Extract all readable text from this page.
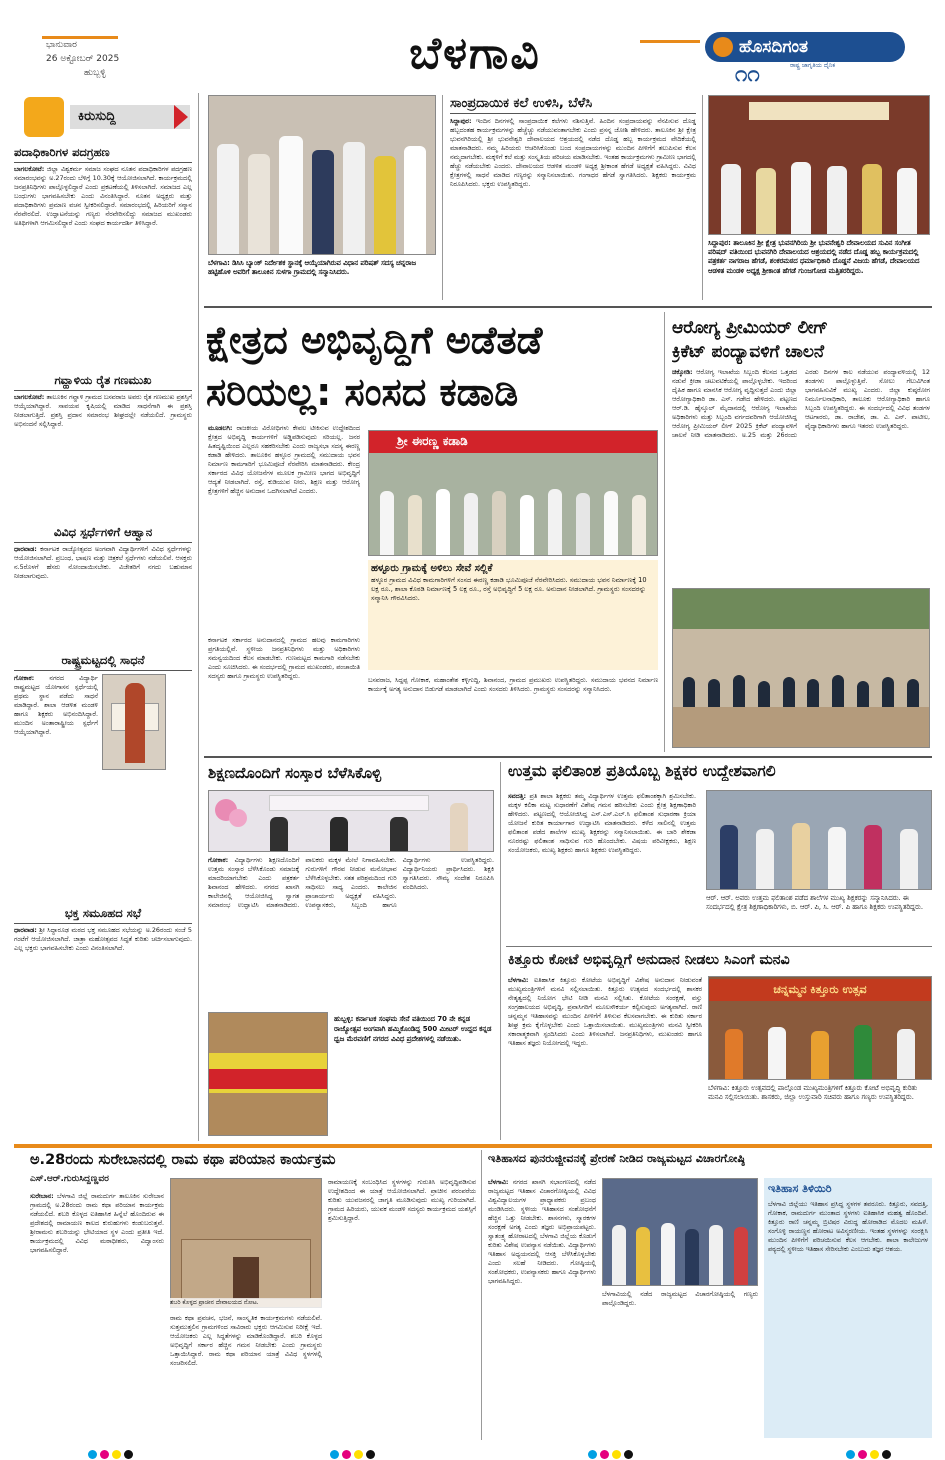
ಭಾನುವಾರ
26 ಅಕ್ಟೋಬರ್ 2025
ಹುಬ್ಬಳ್ಳಿ	ಬೆಳಗಾವಿ	ಹೊಸದಿಗಂತ
ರಾಷ್ಟ್ರ ಜಾಗೃತಿಯ ದೈನಿಕ
೧೧
ಕಿರುಸುದ್ದಿ
ಪದಾಧಿಕಾರಿಗಳ ಪದಗ್ರಹಣ
ಬಾಗಲಕೋಟೆ: ಜಿಲ್ಲಾ ವಿಶ್ವಕರ್ಮ ಸಮಾಜ ಸಂಘದ ನೂತನ ಪದಾಧಿಕಾರಿಗಳ ಪದಗ್ರಹಣ ಸಮಾರಂಭವನ್ನು ಅ.27ರಂದು ಬೆಳಿಗ್ಗೆ 10.30ಕ್ಕೆ ಆಯೋಜಿಸಲಾಗಿದೆ. ಕಾರ್ಯಕ್ರಮದಲ್ಲಿ ಜನಪ್ರತಿನಿಧಿಗಳು ಪಾಲ್ಗೊಳ್ಳಲಿದ್ದಾರೆ ಎಂದು ಪ್ರಕಟಣೆಯಲ್ಲಿ ತಿಳಿಸಲಾಗಿದೆ. ಸಮಾಜದ ಎಲ್ಲ ಬಂಧುಗಳು ಭಾಗವಹಿಸಬೇಕು ಎಂದು ವಿನಂತಿಸಿದ್ದಾರೆ. ನೂತನ ಅಧ್ಯಕ್ಷರು ಮತ್ತು ಪದಾಧಿಕಾರಿಗಳು ಪ್ರಮಾಣ ವಚನ ಸ್ವೀಕರಿಸಲಿದ್ದಾರೆ. ಸಮಾರಂಭದಲ್ಲಿ ಹಿರಿಯರಿಗೆ ಸನ್ಮಾನ ನೆರವೇರಲಿದೆ. ಉದ್ಘಾಟನೆಯನ್ನು ಗಣ್ಯರು ನೆರವೇರಿಸಲಿದ್ದು ಸಮಾಜದ ಮುಖಂಡರು ಅತಿಥಿಗಳಾಗಿ ಆಗಮಿಸಲಿದ್ದಾರೆ ಎಂದು ಸಂಘದ ಕಾರ್ಯದರ್ಶಿ ತಿಳಿಸಿದ್ದಾರೆ.
ಗವ್ಹಾಳಿಯ ರೈತ ಗಣಮುಖ
ಬಾಗಲಕೋಟೆ: ತಾಲೂಕಿನ ಗವ್ಹಾಳಿ ಗ್ರಾಮದ ಬಸವರಾಜ ಅವರು ರೈತ ಗಣಮುಖ ಪ್ರಶಸ್ತಿಗೆ ಆಯ್ಕೆಯಾಗಿದ್ದಾರೆ. ಸಾವಯವ ಕೃಷಿಯಲ್ಲಿ ಮಾಡಿದ ಸಾಧನೆಗಾಗಿ ಈ ಪ್ರಶಸ್ತಿ ನೀಡಲಾಗುತ್ತಿದೆ. ಪ್ರಶಸ್ತಿ ಪ್ರದಾನ ಸಮಾರಂಭ ಶೀಘ್ರದಲ್ಲೇ ನಡೆಯಲಿದೆ. ಗ್ರಾಮಸ್ಥರು ಅಭಿನಂದನೆ ಸಲ್ಲಿಸಿದ್ದಾರೆ.
ವಿವಿಧ ಸ್ಪರ್ಧೆಗಳಿಗೆ ಆಹ್ವಾನ
ಧಾರವಾಡ: ಕರ್ನಾಟಕ ರಾಜ್ಯೋತ್ಸವದ ಅಂಗವಾಗಿ ವಿದ್ಯಾರ್ಥಿಗಳಿಗೆ ವಿವಿಧ ಸ್ಪರ್ಧೆಗಳನ್ನು ಆಯೋಜಿಸಲಾಗಿದೆ. ಪ್ರಬಂಧ, ಭಾಷಣ ಮತ್ತು ಚಿತ್ರಕಲೆ ಸ್ಪರ್ಧೆಗಳು ನಡೆಯಲಿವೆ. ಆಸಕ್ತರು ನ.5ರೊಳಗೆ ಹೆಸರು ನೋಂದಾಯಿಸಬೇಕು. ವಿಜೇತರಿಗೆ ನಗದು ಬಹುಮಾನ ನೀಡಲಾಗುವುದು.
ರಾಷ್ಟ್ರಮಟ್ಟದಲ್ಲಿ ಸಾಧನೆ
ಗೋಕಾಕ: ನಗರದ ವಿದ್ಯಾರ್ಥಿ ರಾಷ್ಟ್ರಮಟ್ಟದ ಯೋಗಾಸನ ಸ್ಪರ್ಧೆಯಲ್ಲಿ ಪ್ರಥಮ ಸ್ಥಾನ ಪಡೆದು ಸಾಧನೆ ಮಾಡಿದ್ದಾರೆ. ಶಾಲಾ ಆಡಳಿತ ಮಂಡಳಿ ಹಾಗೂ ಶಿಕ್ಷಕರು ಅಭಿನಂದಿಸಿದ್ದಾರೆ. ಮುಂದಿನ ಅಂತಾರಾಷ್ಟ್ರೀಯ ಸ್ಪರ್ಧೆಗೆ ಆಯ್ಕೆಯಾಗಿದ್ದಾರೆ.
ಭಕ್ತ ಸಮೂಹದ ಸಭೆ
ಧಾರವಾಡ: ಶ್ರೀ ಸಿದ್ಧಾರೂಢ ಮಠದ ಭಕ್ತ ಸಮೂಹದ ಸಭೆಯನ್ನು ಅ.26ರಂದು ಸಂಜೆ 5 ಗಂಟೆಗೆ ಆಯೋಜಿಸಲಾಗಿದೆ. ಜಾತ್ರಾ ಮಹೋತ್ಸವದ ಸಿದ್ಧತೆ ಕುರಿತು ಚರ್ಚಿಸಲಾಗುವುದು. ಎಲ್ಲ ಭಕ್ತರು ಭಾಗವಹಿಸಬೇಕು ಎಂದು ವಿನಂತಿಸಲಾಗಿದೆ.
ಬೆಳಗಾವಿ: ಡಿಸಿಸಿ ಬ್ಯಾಂಕ್ ನಿರ್ದೇಶಕ ಸ್ಥಾನಕ್ಕೆ ಆಯ್ಕೆಯಾಗಿರುವ ವಿಧಾನ ಪರಿಷತ್ ಸದಸ್ಯ ಚನ್ನರಾಜ ಹಟ್ಟಿಹೊಳಿ ಅವರಿಗೆ ತಾಲೂಕಿನ ಸುಳಗಾ ಗ್ರಾಮದಲ್ಲಿ ಸನ್ಮಾನಿಸಿದರು.
ಸಾಂಪ್ರದಾಯಿಕ ಕಲೆ ಉಳಿಸಿ, ಬೆಳೆಸಿ
ಸಿದ್ದಾಪುರ: ಇಂದಿನ ದಿನಗಳಲ್ಲಿ ಸಾಂಪ್ರದಾಯಿಕ ಕಲೆಗಳು ನಶಿಸುತ್ತಿವೆ. ಹಿಂದಿನ ಸಂಪ್ರದಾಯವನ್ನು ನೆನಪಿಸುವ ದೊಡ್ಡ ಹಬ್ಬದಂತಹ ಕಾರ್ಯಕ್ರಮಗಳನ್ನು ಹೆಚ್ಚೆಚ್ಚು ನಡೆಯುವಂತಾಗಬೇಕು ಎಂದು ಪ್ರಸನ್ನ ಜೋಶಿ ಹೇಳಿದರು. ತಾಲೂಕಿನ ಶ್ರೀ ಕ್ಷೇತ್ರ ಭುವನಗಿರಿಯಲ್ಲಿ ಶ್ರೀ ಭುವನೇಶ್ವರಿ ದೇವಾಲಯದ ಆಶ್ರಯದಲ್ಲಿ ನಡೆದ ದೊಡ್ಡ ಹಬ್ಬ ಕಾರ್ಯಕ್ರಮದ ವೇದಿಕೆಯಲ್ಲಿ ಮಾತನಾಡಿದರು. ನಮ್ಮ ಹಿರಿಯರು ಆಚರಿಸಿಕೊಂಡು ಬಂದ ಸಂಪ್ರದಾಯಗಳನ್ನು ಮುಂದಿನ ಪೀಳಿಗೆಗೆ ತಲುಪಿಸುವ ಕೆಲಸ ನಮ್ಮದಾಗಬೇಕು. ಮಕ್ಕಳಿಗೆ ಕಲೆ ಮತ್ತು ಸಂಸ್ಕೃತಿಯ ಪರಿಚಯ ಮಾಡಿಸಬೇಕು. ಇಂತಹ ಕಾರ್ಯಕ್ರಮಗಳು ಗ್ರಾಮೀಣ ಭಾಗದಲ್ಲಿ ಹೆಚ್ಚು ನಡೆಯಬೇಕು ಎಂದರು. ದೇವಾಲಯದ ಆಡಳಿತ ಮಂಡಳಿ ಅಧ್ಯಕ್ಷ ಶ್ರೀಕಾಂತ ಹೆಗಡೆ ಅಧ್ಯಕ್ಷತೆ ವಹಿಸಿದ್ದರು. ವಿವಿಧ ಕ್ಷೇತ್ರಗಳಲ್ಲಿ ಸಾಧನೆ ಮಾಡಿದ ಗಣ್ಯರನ್ನು ಸನ್ಮಾನಿಸಲಾಯಿತು. ಗಂಗಾಧರ ಹೆಗಡೆ ಸ್ವಾಗತಿಸಿದರು. ಶಿಕ್ಷಕರು ಕಾರ್ಯಕ್ರಮ ನಿರೂಪಿಸಿದರು. ಭಕ್ತರು ಉಪಸ್ಥಿತರಿದ್ದರು.
ಸಿದ್ದಾಪುರ: ತಾಲೂಕಿನ ಶ್ರೀ ಕ್ಷೇತ್ರ ಭುವನಗಿರಿಯ ಶ್ರೀ ಭುವನೇಶ್ವರಿ ದೇವಾಲಯದ ಸುವಿನ ಸಂಗೀತ ಪರಿಷದ್ ವತಿಯಿಂದ ಭುವನಗಿರಿ ದೇವಾಲಯದ ಆಶ್ರಯದಲ್ಲಿ ನಡೆದ ದೊಡ್ಡ ಹಬ್ಬ ಕಾರ್ಯಕ್ರಮದಲ್ಲಿ ಪತ್ರಕರ್ತ ನಾಗರಾಜ ಹೆಗಡೆ, ಶಂಕರಮಠದ ಧರ್ಮಾಧಿಕಾರಿ ದೊಡ್ಡನೆ ವಿಜಯ ಹೆಗಡೆ, ದೇವಾಲಯದ ಆಡಳಿತ ಮಂಡಳಿ ಅಧ್ಯಕ್ಷ ಶ್ರೀಕಾಂತ ಹೆಗಡೆ ಗುಂಜಗೋಡ ಮತ್ತಿತರರಿದ್ದರು.
ಕ್ಷೇತ್ರದ ಅಭಿವೃದ್ಧಿಗೆ ಅಡೆತಡೆ
ಸರಿಯಲ್ಲ: ಸಂಸದ ಕಡಾಡಿ
ಮೂಡಲಗಿ: ರಾಜಕೀಯ ವಿರೋಧಿಗಳು ಕೇವಲ ಟೀಕಿಸುವ ಉದ್ದೇಶದಿಂದ ಕ್ಷೇತ್ರದ ಅಭಿವೃದ್ಧಿ ಕಾರ್ಯಗಳಿಗೆ ಅಡ್ಡಿಪಡಿಸುವುದು ಸರಿಯಲ್ಲ. ಜನರ ಹಿತದೃಷ್ಟಿಯಿಂದ ಎಲ್ಲರೂ ಸಹಕರಿಸಬೇಕು ಎಂದು ರಾಜ್ಯಸಭಾ ಸದಸ್ಯ ಈರಣ್ಣ ಕಡಾಡಿ ಹೇಳಿದರು. ತಾಲೂಕಿನ ಹಳ್ಳೂರ ಗ್ರಾಮದಲ್ಲಿ ಸಮುದಾಯ ಭವನ ನಿರ್ಮಾಣ ಕಾಮಗಾರಿಗೆ ಭೂಮಿಪೂಜೆ ನೆರವೇರಿಸಿ ಮಾತನಾಡಿದರು. ಕೇಂದ್ರ ಸರ್ಕಾರದ ವಿವಿಧ ಯೋಜನೆಗಳ ಮೂಲಕ ಗ್ರಾಮೀಣ ಭಾಗದ ಅಭಿವೃದ್ಧಿಗೆ ಆದ್ಯತೆ ನೀಡಲಾಗಿದೆ. ರಸ್ತೆ, ಕುಡಿಯುವ ನೀರು, ಶಿಕ್ಷಣ ಮತ್ತು ಆರೋಗ್ಯ ಕ್ಷೇತ್ರಗಳಿಗೆ ಹೆಚ್ಚಿನ ಅನುದಾನ ಒದಗಿಸಲಾಗಿದೆ ಎಂದರು.
ಕರ್ನಾಟಕ ಸರ್ಕಾರದ ಅನುದಾನದಲ್ಲಿ ಗ್ರಾಮದ ಹಲವು ಕಾಮಗಾರಿಗಳು ಪ್ರಗತಿಯಲ್ಲಿವೆ. ಸ್ಥಳೀಯ ಜನಪ್ರತಿನಿಧಿಗಳು ಮತ್ತು ಅಧಿಕಾರಿಗಳು ಸಮನ್ವಯದಿಂದ ಕೆಲಸ ಮಾಡಬೇಕು. ಗುಣಮಟ್ಟದ ಕಾಮಗಾರಿ ನಡೆಸಬೇಕು ಎಂದು ಸೂಚಿಸಿದರು. ಈ ಸಂದರ್ಭದಲ್ಲಿ ಗ್ರಾಮದ ಮುಖಂಡರು, ಪಂಚಾಯಿತಿ ಸದಸ್ಯರು ಹಾಗೂ ಗ್ರಾಮಸ್ಥರು ಉಪಸ್ಥಿತರಿದ್ದರು.
ಶ್ರೀ ಈರಣ್ಣ ಕಡಾಡಿ
ಹಳ್ಳೂರು ಗ್ರಾಮಕ್ಕೆ ಅಳಿಲು ಸೇವೆ ಸಲ್ಲಿಕೆ
ಹಳ್ಳೂರ ಗ್ರಾಮದ ವಿವಿಧ ಕಾಮಗಾರಿಗಳಿಗೆ ಸಂಸದ ಈರಣ್ಣ ಕಡಾಡಿ ಭೂಮಿಪೂಜೆ ನೆರವೇರಿಸಿದರು. ಸಮುದಾಯ ಭವನ ನಿರ್ಮಾಣಕ್ಕೆ 10 ಲಕ್ಷ ರೂ., ಶಾಲಾ ಕೊಠಡಿ ನಿರ್ಮಾಣಕ್ಕೆ 5 ಲಕ್ಷ ರೂ., ರಸ್ತೆ ಅಭಿವೃದ್ಧಿಗೆ 5 ಲಕ್ಷ ರೂ. ಅನುದಾನ ನೀಡಲಾಗಿದೆ. ಗ್ರಾಮಸ್ಥರು ಸಂಸದರನ್ನು ಸನ್ಮಾನಿಸಿ ಗೌರವಿಸಿದರು.
ಬಸವರಾಜ, ಸಿದ್ದಪ್ಪ ಗೋಕಾಕ, ಮಹಾಂತೇಶ ಕಳ್ಳಿಗುದ್ದಿ, ಶಿವಾನಂದ, ಗ್ರಾಮದ ಪ್ರಮುಖರು ಉಪಸ್ಥಿತರಿದ್ದರು. ಸಮುದಾಯ ಭವನದ ನಿರ್ಮಾಣ ಕಾರ್ಯಕ್ಕೆ ಅಗತ್ಯ ಅನುದಾನ ಬಿಡುಗಡೆ ಮಾಡಲಾಗಿದೆ ಎಂದು ಸಂಸದರು ತಿಳಿಸಿದರು. ಗ್ರಾಮಸ್ಥರು ಸಂಸದರನ್ನು ಸನ್ಮಾನಿಸಿದರು.
ಆರೋಗ್ಯ ಪ್ರೀಮಿಯರ್ ಲೀಗ್
ಕ್ರಿಕೆಟ್ ಪಂದ್ಯಾವಳಿಗೆ ಚಾಲನೆ
ಚಿಕ್ಕೋಡಿ: ಆರೋಗ್ಯ ಇಲಾಖೆಯ ಸಿಬ್ಬಂದಿ ಕೆಲಸದ ಒತ್ತಡದ ನಡುವೆ ಕ್ರೀಡಾ ಚಟುವಟಿಕೆಯಲ್ಲಿ ಪಾಲ್ಗೊಳ್ಳಬೇಕು. ಇದರಿಂದ ದೈಹಿಕ ಹಾಗೂ ಮಾನಸಿಕ ಆರೋಗ್ಯ ವೃದ್ಧಿಸುತ್ತದೆ ಎಂದು ಜಿಲ್ಲಾ ಆರೋಗ್ಯಾಧಿಕಾರಿ ಡಾ. ಎಸ್. ಗಡೇದ ಹೇಳಿದರು. ಪಟ್ಟಣದ ಆರ್.ಡಿ. ಹೈಸ್ಕೂಲ್ ಮೈದಾನದಲ್ಲಿ ಆರೋಗ್ಯ ಇಲಾಖೆಯ ಅಧಿಕಾರಿಗಳು ಮತ್ತು ಸಿಬ್ಬಂದಿ ವರ್ಗದವರಿಗಾಗಿ ಆಯೋಜಿಸಿದ್ದ ಆರೋಗ್ಯ ಪ್ರೀಮಿಯರ್ ಲೀಗ್ 2025 ಕ್ರಿಕೆಟ್ ಪಂದ್ಯಾವಳಿಗೆ ಚಾಲನೆ ನೀಡಿ ಮಾತನಾಡಿದರು. ಅ.25 ಮತ್ತು 26ರಂದು ಎರಡು ದಿನಗಳ ಕಾಲ ನಡೆಯುವ ಪಂದ್ಯಾವಳಿಯಲ್ಲಿ 12 ತಂಡಗಳು ಪಾಲ್ಗೊಳ್ಳುತ್ತಿವೆ. ಸೋಲು ಗೆಲುವಿಗಿಂತ ಭಾಗವಹಿಸುವಿಕೆ ಮುಖ್ಯ ಎಂದರು. ಜಿಲ್ಲಾ ಕುಷ್ಠರೋಗ ನಿರ್ಮೂಲನಾಧಿಕಾರಿ, ತಾಲೂಕು ಆರೋಗ್ಯಾಧಿಕಾರಿ ಹಾಗೂ ಸಿಬ್ಬಂದಿ ಉಪಸ್ಥಿತರಿದ್ದರು. ಈ ಸಂದರ್ಭದಲ್ಲಿ ವಿವಿಧ ತಂಡಗಳ ಆಟಗಾರರು, ಡಾ. ರಾಜೇಶ, ಡಾ. ವಿ. ಎನ್. ಪಾಟೀಲ, ವೈದ್ಯಾಧಿಕಾರಿಗಳು ಹಾಗೂ ಇತರರು ಉಪಸ್ಥಿತರಿದ್ದರು.
ಶಿಕ್ಷಣದೊಂದಿಗೆ ಸಂಸ್ಕಾರ ಬೆಳೆಸಿಕೊಳ್ಳಿ
ಗೋಕಾಕ: ವಿದ್ಯಾರ್ಥಿಗಳು ಶಿಕ್ಷಣದೊಂದಿಗೆ ಉತ್ತಮ ಸಂಸ್ಕಾರ ಬೆಳೆಸಿಕೊಂಡು ಸಮಾಜಕ್ಕೆ ಮಾದರಿಯಾಗಬೇಕು ಎಂದು ಪತ್ರಕರ್ತ ಶಿವಾನಂದ ಹೇಳಿದರು. ನಗರದ ಖಾಸಗಿ ಕಾಲೇಜಿನಲ್ಲಿ ಆಯೋಜಿಸಿದ್ದ ಸ್ವಾಗತ ಸಮಾರಂಭ ಉದ್ಘಾಟಿಸಿ ಮಾತನಾಡಿದರು. ಪಾಲಕರು ಮಕ್ಕಳ ಮೇಲೆ ನಿಗಾವಹಿಸಬೇಕು. ಗುರುಗಳಿಗೆ ಗೌರವ ನೀಡುವ ಮನೋಭಾವ ಬೆಳೆಸಿಕೊಳ್ಳಬೇಕು. ಸತತ ಪರಿಶ್ರಮದಿಂದ ಗುರಿ ಸಾಧಿಸಲು ಸಾಧ್ಯ ಎಂದರು. ಕಾಲೇಜಿನ ಪ್ರಾಚಾರ್ಯರು ಅಧ್ಯಕ್ಷತೆ ವಹಿಸಿದ್ದರು. ಉಪನ್ಯಾಸಕರು, ಸಿಬ್ಬಂದಿ ಹಾಗೂ ವಿದ್ಯಾರ್ಥಿಗಳು ಉಪಸ್ಥಿತರಿದ್ದರು. ವಿದ್ಯಾರ್ಥಿನಿಯರು ಪ್ರಾರ್ಥಿಸಿದರು. ಶಿಕ್ಷಕಿ ಸ್ವಾಗತಿಸಿದರು. ಸೌಮ್ಯ ಸಂದೇಶ ನಿರೂಪಿಸಿ ವಂದಿಸಿದರು.
ಹುಬ್ಬಳ್ಳಿ: ಕರ್ನಾಟಕ ಸಂಘಮ ಸೇನೆ ವತಿಯಿಂದ 70 ನೇ ಕನ್ನಡ ರಾಜ್ಯೋತ್ಸವ ಅಂಗವಾಗಿ ಹಮ್ಮಿಕೊಂಡಿದ್ದ 500 ಮೀಟರ್ ಉದ್ದದ ಕನ್ನಡ ಧ್ವಜ ಮೆರವಣಿಗೆ ನಗರದ ವಿವಿಧ ಪ್ರದೇಶಗಳಲ್ಲಿ ನಡೆಯಿತು.
ಉತ್ತಮ ಫಲಿತಾಂಶ ಪ್ರತಿಯೊಬ್ಬ ಶಿಕ್ಷಕರ ಉದ್ದೇಶವಾಗಲಿ
ಸವದತ್ತಿ: ಪ್ರತಿ ಶಾಲಾ ಶಿಕ್ಷಕರು ತಮ್ಮ ವಿದ್ಯಾರ್ಥಿಗಳ ಉತ್ತಮ ಫಲಿತಾಂಶಕ್ಕಾಗಿ ಶ್ರಮಿಸಬೇಕು. ಮಕ್ಕಳ ಕಲಿಕಾ ಮಟ್ಟ ಸುಧಾರಣೆಗೆ ವಿಶೇಷ ಗಮನ ಹರಿಸಬೇಕು ಎಂದು ಕ್ಷೇತ್ರ ಶಿಕ್ಷಣಾಧಿಕಾರಿ ಹೇಳಿದರು. ಪಟ್ಟಣದಲ್ಲಿ ಆಯೋಜಿಸಿದ್ದ ಎಸ್.ಎಸ್.ಎಲ್.ಸಿ ಫಲಿತಾಂಶ ಸುಧಾರಣಾ ಕ್ರಿಯಾ ಯೋಜನೆ ಕುರಿತ ಕಾರ್ಯಾಗಾರ ಉದ್ಘಾಟಿಸಿ ಮಾತನಾಡಿದರು. ಕಳೆದ ಸಾಲಿನಲ್ಲಿ ಉತ್ತಮ ಫಲಿತಾಂಶ ಪಡೆದ ಶಾಲೆಗಳ ಮುಖ್ಯ ಶಿಕ್ಷಕರನ್ನು ಸನ್ಮಾನಿಸಲಾಯಿತು. ಈ ಬಾರಿ ಶೇಕಡಾ ನೂರರಷ್ಟು ಫಲಿತಾಂಶ ಸಾಧಿಸುವ ಗುರಿ ಹೊಂದಬೇಕು. ವಿಷಯ ಪರಿವೀಕ್ಷಕರು, ಶಿಕ್ಷಣ ಸಂಯೋಜಕರು, ಮುಖ್ಯ ಶಿಕ್ಷಕರು ಹಾಗೂ ಶಿಕ್ಷಕರು ಉಪಸ್ಥಿತರಿದ್ದರು.
ಆರ್. ಆರ್. ಅವರು ಉತ್ತಮ ಫಲಿತಾಂಶ ಪಡೆದ ಶಾಲೆಗಳ ಮುಖ್ಯ ಶಿಕ್ಷಕರನ್ನು ಸನ್ಮಾನಿಸಿದರು. ಈ ಸಂದರ್ಭದಲ್ಲಿ ಕ್ಷೇತ್ರ ಶಿಕ್ಷಣಾಧಿಕಾರಿಗಳು, ಬಿ. ಆರ್. ಪಿ, ಸಿ. ಆರ್. ಪಿ ಹಾಗೂ ಶಿಕ್ಷಕರು ಉಪಸ್ಥಿತರಿದ್ದರು.
ಕಿತ್ತೂರು ಕೋಟೆ ಅಭಿವೃದ್ಧಿಗೆ ಅನುದಾನ ನೀಡಲು ಸಿಎಂಗೆ ಮನವಿ
ಬೆಳಗಾವಿ: ಐತಿಹಾಸಿಕ ಕಿತ್ತೂರು ಕೋಟೆಯ ಅಭಿವೃದ್ಧಿಗೆ ವಿಶೇಷ ಅನುದಾನ ನೀಡುವಂತೆ ಮುಖ್ಯಮಂತ್ರಿಗಳಿಗೆ ಮನವಿ ಸಲ್ಲಿಸಲಾಯಿತು. ಕಿತ್ತೂರು ಉತ್ಸವದ ಸಂದರ್ಭದಲ್ಲಿ ಶಾಸಕರ ನೇತೃತ್ವದಲ್ಲಿ ನಿಯೋಗ ಭೇಟಿ ನೀಡಿ ಮನವಿ ಸಲ್ಲಿಸಿತು. ಕೋಟೆಯ ಸಂರಕ್ಷಣೆ, ವಸ್ತು ಸಂಗ್ರಹಾಲಯದ ಅಭಿವೃದ್ಧಿ, ಪ್ರವಾಸಿಗರಿಗೆ ಮೂಲಸೌಕರ್ಯ ಕಲ್ಪಿಸುವುದು ಅಗತ್ಯವಾಗಿದೆ. ರಾಣಿ ಚನ್ನಮ್ಮನ ಇತಿಹಾಸವನ್ನು ಮುಂದಿನ ಪೀಳಿಗೆಗೆ ತಿಳಿಸುವ ಕೆಲಸವಾಗಬೇಕು. ಈ ಕುರಿತು ಸರ್ಕಾರ ಶೀಘ್ರ ಕ್ರಮ ಕೈಗೊಳ್ಳಬೇಕು ಎಂದು ಒತ್ತಾಯಿಸಲಾಯಿತು. ಮುಖ್ಯಮಂತ್ರಿಗಳು ಮನವಿ ಸ್ವೀಕರಿಸಿ ಸಕಾರಾತ್ಮಕವಾಗಿ ಸ್ಪಂದಿಸಿದರು ಎಂದು ತಿಳಿಸಲಾಗಿದೆ. ಜನಪ್ರತಿನಿಧಿಗಳು, ಮುಖಂಡರು ಹಾಗೂ ಇತಿಹಾಸ ತಜ್ಞರು ನಿಯೋಗದಲ್ಲಿ ಇದ್ದರು.
ಚನ್ನಮ್ಮನ ಕಿತ್ತೂರು ಉತ್ಸವ
ಬೆಳಗಾವಿ: ಕಿತ್ತೂರು ಉತ್ಸವದಲ್ಲಿ ಪಾಲ್ಗೊಂಡ ಮುಖ್ಯಮಂತ್ರಿಗಳಿಗೆ ಕಿತ್ತೂರು ಕೋಟೆ ಅಭಿವೃದ್ಧಿ ಕುರಿತು ಮನವಿ ಸಲ್ಲಿಸಲಾಯಿತು. ಶಾಸಕರು, ಜಿಲ್ಲಾ ಉಸ್ತುವಾರಿ ಸಚಿವರು ಹಾಗೂ ಗಣ್ಯರು ಉಪಸ್ಥಿತರಿದ್ದರು.
ಅ.28ರಂದು ಸುರೇಬಾನದಲ್ಲಿ ರಾಮ ಕಥಾ ಪರಿಯಾನ ಕಾರ್ಯಕ್ರಮ
ಎಸ್.ಆರ್.ಗುರುಸಿದ್ದಣ್ಣವರ
ಸುರೇಬಾನ: ಬೆಳಗಾವಿ ಜಿಲ್ಲೆ ರಾಮದುರ್ಗ ತಾಲೂಕಿನ ಸುರೇಬಾನ ಗ್ರಾಮದಲ್ಲಿ ಅ.28ರಂದು ರಾಮ ಕಥಾ ಪರಿಯಾನ ಕಾರ್ಯಕ್ರಮ ನಡೆಯಲಿದೆ. ಶಬರಿ ಕೊಳ್ಳದ ಐತಿಹಾಸಿಕ ಹಿನ್ನೆಲೆ ಹೊಂದಿರುವ ಈ ಪ್ರದೇಶದಲ್ಲಿ ರಾಮಾಯಣ ಕಾಲದ ಕುರುಹುಗಳು ಕಂಡುಬರುತ್ತವೆ. ಶ್ರೀರಾಮನು ಶಬರಿಯನ್ನು ಭೇಟಿಯಾದ ಸ್ಥಳ ಎಂದು ಪ್ರತೀತಿ ಇದೆ. ಕಾರ್ಯಕ್ರಮದಲ್ಲಿ ವಿವಿಧ ಮಠಾಧೀಶರು, ವಿದ್ವಾಂಸರು ಭಾಗವಹಿಸಲಿದ್ದಾರೆ.
ರಾಮ ಕಥಾ ಪ್ರವಚನ, ಭಜನೆ, ಸಾಂಸ್ಕೃತಿಕ ಕಾರ್ಯಕ್ರಮಗಳು ನಡೆಯಲಿವೆ. ಸುತ್ತಮುತ್ತಲಿನ ಗ್ರಾಮಗಳಿಂದ ಸಾವಿರಾರು ಭಕ್ತರು ಆಗಮಿಸುವ ನಿರೀಕ್ಷೆ ಇದೆ. ಆಯೋಜಕರು ಎಲ್ಲ ಸಿದ್ಧತೆಗಳನ್ನು ಮಾಡಿಕೊಂಡಿದ್ದಾರೆ. ಶಬರಿ ಕೊಳ್ಳದ ಅಭಿವೃದ್ಧಿಗೆ ಸರ್ಕಾರ ಹೆಚ್ಚಿನ ಗಮನ ನೀಡಬೇಕು ಎಂದು ಗ್ರಾಮಸ್ಥರು ಒತ್ತಾಯಿಸಿದ್ದಾರೆ. ರಾಮ ಕಥಾ ಪರಿಯಾನ ಯಾತ್ರೆ ವಿವಿಧ ಸ್ಥಳಗಳಲ್ಲಿ ಸಂಚರಿಸಲಿದೆ.
ರಾಮಾಯಣಕ್ಕೆ ಸಂಬಂಧಿಸಿದ ಸ್ಥಳಗಳನ್ನು ಗುರುತಿಸಿ ಅಭಿವೃದ್ಧಿಪಡಿಸುವ ಉದ್ದೇಶದಿಂದ ಈ ಯಾತ್ರೆ ಆಯೋಜಿಸಲಾಗಿದೆ. ಪ್ರಾಚೀನ ಪರಂಪರೆಯ ಕುರಿತು ಯುವಜನರಲ್ಲಿ ಜಾಗೃತಿ ಮೂಡಿಸುವುದು ಮುಖ್ಯ ಗುರಿಯಾಗಿದೆ. ಗ್ರಾಮದ ಹಿರಿಯರು, ಯುವಕ ಮಂಡಳಿ ಸದಸ್ಯರು ಕಾರ್ಯಕ್ರಮದ ಯಶಸ್ಸಿಗೆ ಶ್ರಮಿಸುತ್ತಿದ್ದಾರೆ.
ಶಬರಿ ಕೊಳ್ಳದ ಪ್ರಾಚೀನ ದೇವಾಲಯದ ನೋಟ.
ಇತಿಹಾಸದ ಪುನರುಜ್ಜೀವನಕ್ಕೆ ಪ್ರೇರಣೆ ನೀಡಿದ ರಾಜ್ಯಮಟ್ಟದ ವಿಚಾರಗೋಷ್ಠಿ
ಬೆಳಗಾವಿ: ನಗರದ ಖಾಸಗಿ ಸಭಾಂಗಣದಲ್ಲಿ ನಡೆದ ರಾಜ್ಯಮಟ್ಟದ ಇತಿಹಾಸ ವಿಚಾರಗೋಷ್ಠಿಯಲ್ಲಿ ವಿವಿಧ ವಿಶ್ವವಿದ್ಯಾಲಯಗಳ ಪ್ರಾಧ್ಯಾಪಕರು ಪ್ರಬಂಧ ಮಂಡಿಸಿದರು. ಸ್ಥಳೀಯ ಇತಿಹಾಸದ ಸಂಶೋಧನೆಗೆ ಹೆಚ್ಚಿನ ಒತ್ತು ನೀಡಬೇಕು. ಶಾಸನಗಳು, ಸ್ಮಾರಕಗಳ ಸಂರಕ್ಷಣೆ ಅಗತ್ಯ ಎಂದು ತಜ್ಞರು ಅಭಿಪ್ರಾಯಪಟ್ಟರು. ಸ್ವಾತಂತ್ರ್ಯ ಹೋರಾಟದಲ್ಲಿ ಬೆಳಗಾವಿ ಜಿಲ್ಲೆಯ ಕೊಡುಗೆ ಕುರಿತು ವಿಶೇಷ ಉಪನ್ಯಾಸ ನಡೆಯಿತು. ವಿದ್ಯಾರ್ಥಿಗಳು ಇತಿಹಾಸ ಅಧ್ಯಯನದಲ್ಲಿ ಆಸಕ್ತಿ ಬೆಳೆಸಿಕೊಳ್ಳಬೇಕು ಎಂದು ಸಲಹೆ ನೀಡಿದರು. ಗೋಷ್ಠಿಯಲ್ಲಿ ಸಂಶೋಧಕರು, ಉಪನ್ಯಾಸಕರು ಹಾಗೂ ವಿದ್ಯಾರ್ಥಿಗಳು ಭಾಗವಹಿಸಿದ್ದರು.
ಬೆಳಗಾವಿಯಲ್ಲಿ ನಡೆದ ರಾಜ್ಯಮಟ್ಟದ ವಿಚಾರಗೋಷ್ಠಿಯಲ್ಲಿ ಗಣ್ಯರು ಪಾಲ್ಗೊಂಡಿದ್ದರು.
ಇತಿಹಾಸ ತಿಳಿಯಿರಿ
ಬೆಳಗಾವಿ ಜಿಲ್ಲೆಯು ಇತಿಹಾಸ ಪ್ರಸಿದ್ಧ ಸ್ಥಳಗಳ ತವರೂರು. ಕಿತ್ತೂರು, ಸವದತ್ತಿ, ಗೋಕಾಕ, ರಾಮದುರ್ಗ ಮುಂತಾದ ಸ್ಥಳಗಳು ಐತಿಹಾಸಿಕ ಮಹತ್ವ ಹೊಂದಿವೆ. ಕಿತ್ತೂರು ರಾಣಿ ಚನ್ನಮ್ಮ ಬ್ರಿಟಿಷರ ವಿರುದ್ಧ ಹೋರಾಡಿದ ಮೊದಲ ಮಹಿಳೆ. ಸಂಗೊಳ್ಳಿ ರಾಯಣ್ಣನ ಹೋರಾಟ ಅವಿಸ್ಮರಣೀಯ. ಇಂತಹ ಸ್ಥಳಗಳನ್ನು ಸಂರಕ್ಷಿಸಿ ಮುಂದಿನ ಪೀಳಿಗೆಗೆ ಪರಿಚಯಿಸುವ ಕೆಲಸ ಆಗಬೇಕು. ಶಾಲಾ ಕಾಲೇಜುಗಳ ಪಠ್ಯದಲ್ಲಿ ಸ್ಥಳೀಯ ಇತಿಹಾಸ ಸೇರಿಸಬೇಕು ಎಂಬುದು ತಜ್ಞರ ಆಶಯ.
